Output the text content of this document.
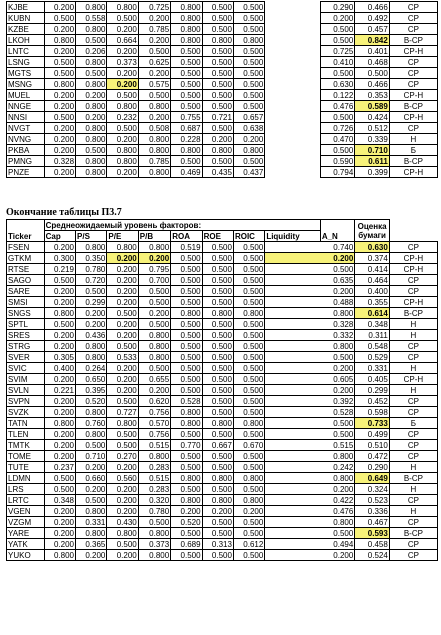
KJBE	0.200	0.800	0.800	0.725	0.800	0.500	0.500		0.290	0.466	СР
KUBN	0.500	0.558	0.500	0.200	0.800	0.500	0.500		0.200	0.492	СР
KZBE	0.200	0.800	0.200	0.785	0.800	0.500	0.500		0.500	0.457	СР
LKOH	0.800	0.500	0.664	0.200	0.800	0.800	0.800		0.500	0.842	В-СР
LNTC	0.200	0.206	0.200	0.500	0.500	0.500	0.500		0.725	0.401	СР-Н
LSNG	0.500	0.800	0.373	0.625	0.500	0.500	0.500		0.410	0.468	СР
MGTS	0.500	0.500	0.200	0.200	0.500	0.500	0.500		0.500	0.500	СР
MSNG	0.800	0.800	0.200	0.575	0.500	0.500	0.500		0.630	0.466	СР
MUEL	0.200	0.200	0.500	0.500	0.500	0.500	0.500		0.122	0.353	СР-Н
NNGE	0.200	0.800	0.800	0.800	0.500	0.500	0.500		0.476	0.589	В-СР
NNSI	0.500	0.200	0.232	0.200	0.755	0.721	0.657		0.500	0.424	СР-Н
NVGT	0.200	0.800	0.500	0.508	0.687	0.500	0.638		0.726	0.512	СР
NVNG	0.200	0.800	0.200	0.800	0.228	0.200	0.200		0.470	0.339	Н
PKBA	0.200	0.500	0.800	0.800	0.800	0.800	0.800		0.500	0.710	Б
PMNG	0.328	0.800	0.800	0.785	0.500	0.500	0.500		0.590	0.611	В-СР
PNZE	0.200	0.800	0.200	0.800	0.469	0.435	0.437		0.794	0.399	СР-Н
Окончание таблицы П3.7
Ticker	Среднеожидаемый уровень факторов:								A_N	Оценка бумаги	
	Cap	P/S	P/E	P/B	ROA	ROE	ROIC	Liquidity			
FSEN	0.200	0.800	0.800	0.800	0.519	0.500	0.500	0.740		0.630	СР
GTKM	0.300	0.350	0.200	0.200	0.500	0.500	0.500	0.200		0.374	СР-Н
RTSE	0.219	0.780	0.200	0.795	0.500	0.500	0.500	0.500		0.414	СР-Н
SAGO	0.500	0.720	0.200	0.700	0.500	0.500	0.500	0.635		0.464	СР
SARE	0.200	0.500	0.200	0.500	0.500	0.500	0.500	0.200		0.400	СР
SMSI	0.200	0.299	0.200	0.500	0.500	0.500	0.500	0.488		0.355	СР-Н
SNGS	0.800	0.200	0.500	0.200	0.800	0.800	0.800	0.800		0.614	В-СР
SPTL	0.500	0.200	0.200	0.500	0.500	0.500	0.500	0.328		0.348	Н
SRES	0.200	0.436	0.200	0.800	0.500	0.500	0.500	0.332		0.311	Н
STRG	0.200	0.800	0.500	0.800	0.500	0.500	0.500	0.800		0.548	СР
SVER	0.305	0.800	0.533	0.800	0.500	0.500	0.500	0.500		0.529	СР
SVIC	0.400	0.264	0.200	0.500	0.500	0.500	0.500	0.200		0.331	Н
SVIM	0.200	0.650	0.200	0.655	0.500	0.500	0.500	0.605		0.405	СР-Н
SVLN	0.221	0.395	0.200	0.200	0.500	0.500	0.500	0.200		0.299	Н
SVPN	0.200	0.520	0.500	0.620	0.528	0.500	0.500	0.392		0.452	СР
SVZK	0.200	0.800	0.727	0.756	0.800	0.500	0.500	0.528		0.598	СР
TATN	0.800	0.760	0.800	0.570	0.800	0.800	0.800	0.500		0.733	Б
TLEN	0.200	0.800	0.500	0.756	0.500	0.500	0.500	0.500		0.499	СР
TMTK	0.200	0.500	0.500	0.515	0.770	0.667	0.670	0.515		0.510	СР
TOME	0.200	0.710	0.270	0.800	0.500	0.500	0.500	0.800		0.472	СР
TUTE	0.237	0.200	0.200	0.283	0.500	0.500	0.500	0.242		0.290	Н
LDMN	0.500	0.660	0.560	0.515	0.800	0.800	0.800	0.800		0.649	В-СР
LRS	0.500	0.200	0.200	0.283	0.500	0.500	0.500	0.200		0.324	Н
LRTC	0.348	0.500	0.200	0.320	0.800	0.800	0.800	0.422		0.523	СР
VGEN	0.200	0.800	0.200	0.780	0.200	0.200	0.200	0.476		0.336	Н
VZGM	0.200	0.331	0.430	0.500	0.520	0.500	0.500	0.800		0.467	СР
YARE	0.200	0.800	0.800	0.800	0.500	0.500	0.500	0.500		0.593	В-СР
YATK	0.200	0.365	0.500	0.373	0.689	0.313	0.612	0.494		0.458	СР
YUKO	0.800	0.200	0.200	0.800	0.500	0.500	0.500	0.200		0.524	СР
